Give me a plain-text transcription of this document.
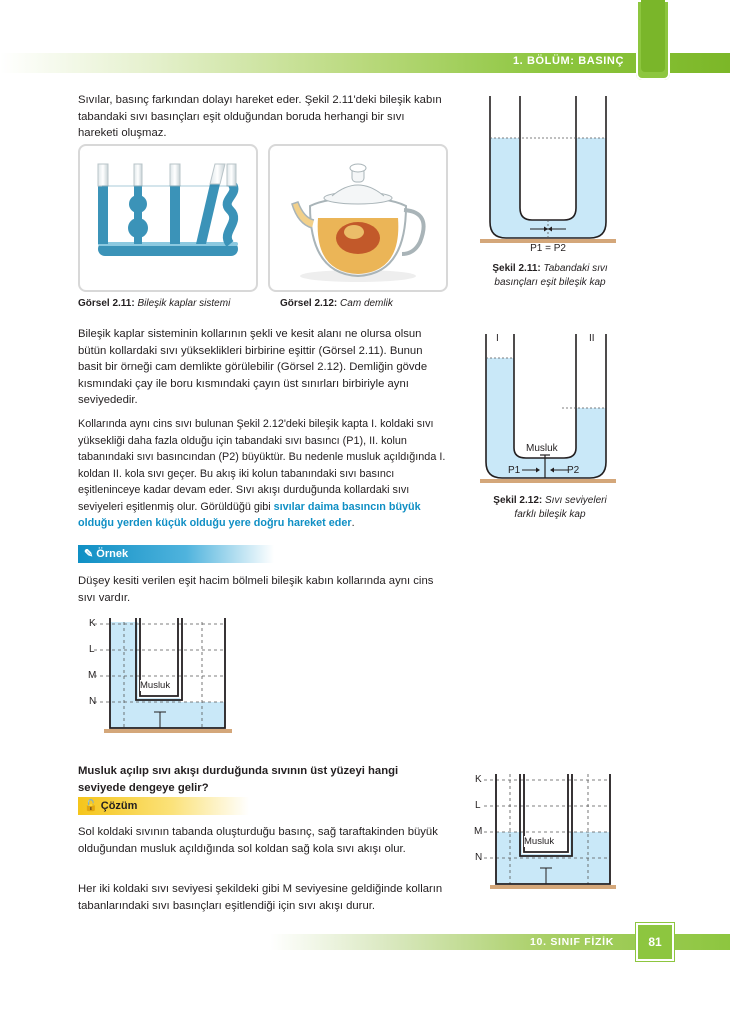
1. BÖLÜM: BASINÇ

Sıvılar, basınç farkından dolayı hareket eder. Şekil 2.11'deki bileşik kabın tabandaki sıvı basınçları eşit olduğundan boruda herhangi bir sıvı hareketi oluşmaz.

Görsel 2.11: Bileşik kaplar sistemi	Görsel 2.12: Cam demlik
P1 = P2
Şekil 2.11: Tabandaki sıvı
basınçları eşit bileşik kap
I	II
Musluk
P1	P2
Şekil 2.12: Sıvı seviyeleri
farklı bileşik kap

Bileşik kaplar sisteminin kollarının şekli ve kesit alanı ne olursa olsun bütün kollardaki sıvı yükseklikleri birbirine eşittir (Görsel 2.11). Bunun basit bir örneği cam demlikte görülebilir (Görsel 2.12). Demliğin gövde kısmındaki çay ile boru kısmındaki çayın üst sınırları birbiriyle aynı seviyededir.

Kollarında aynı cins sıvı bulunan Şekil 2.12'deki bileşik kapta I. koldaki sıvı yüksekliği daha fazla olduğu için tabandaki sıvı basıncı (P1), II. kolun tabanındaki sıvı basıncından (P2) büyüktür. Bu nedenle musluk açıldığında I. koldan II. kola sıvı geçer. Bu akış iki kolun tabanındaki sıvı basıncı eşitleninceye kadar devam eder. Sıvı akışı durduğunda kollardaki sıvı seviyeleri eşitlenmiş olur. Görüldüğü gibi sıvılar daima basıncın büyük olduğu yerden küçük olduğu yere doğru hareket eder.

✎ Örnek

Düşey kesiti verilen eşit hacim bölmeli bileşik kabın kollarında aynı cins sıvı vardır.

K
L
M
N
Musluk

Musluk açılıp sıvı akışı durduğunda sıvının üst yüzeyi hangi seviyede dengeye gelir?

🔓 Çözüm

Sol koldaki sıvının tabanda oluşturduğu basınç, sağ taraftakinden büyük olduğundan musluk açıldığında sol koldan sağ kola sıvı akışı olur.

Her iki koldaki sıvı seviyesi şekildeki gibi M seviyesine geldiğinde kolların tabanlarındaki sıvı basınçları eşitlendiği için sıvı akışı durur.

K
L
M
N
Musluk
10. SINIF FİZİK	81
